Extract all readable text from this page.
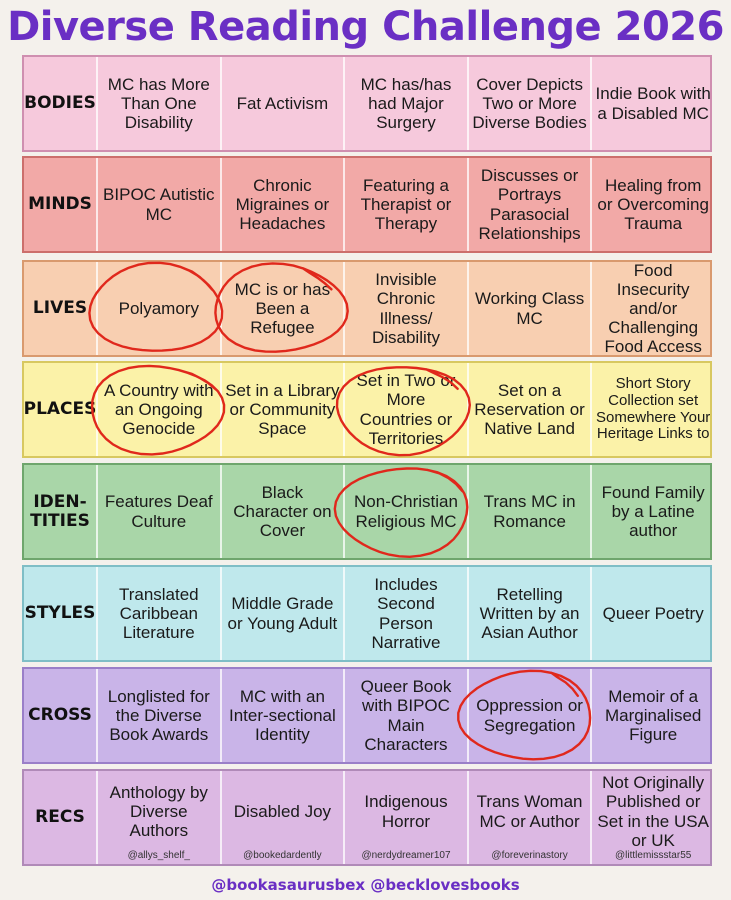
Diverse Reading Challenge 2026
BODIES
MC has More Than One Disability
Fat Activism
MC has/has had Major Surgery
Cover Depicts Two or More Diverse Bodies
Indie Book with a Disabled MC
MINDS BIPOC Autistic MC
Chronic Migraines or Headaches
Featuring a Therapist or Therapy
Discusses or Portrays Parasocial Relationships
Healing from or Overcoming Trauma
LIVES	Polyamory
MC is or has Been a Refugee
Invisible Chronic Illness/ Disability
Working Class MC
Food Insecurity and/or Challenging Food Access
PLACES
A Country with an Ongoing Genocide
Set in a Library or Community Space
Set in Two or More Countries or Territories
Set on a Reservation or Native Land
Short Story Collection set Somewhere Your Heritage Links to
IDEN-
TITIES
Features Deaf Culture
Black Character on Cover
Non-Christian Religious MC
Trans MC in Romance
Found Family by a Latine author
STYLES
Translated Caribbean Literature
Middle Grade or Young Adult
Includes Second Person Narrative
Retelling Written by an Asian Author
Queer Poetry
CROSS
Longlisted for the Diverse Book Awards
MC with an Inter-sectional Identity
Queer Book with BIPOC Main Characters
Oppression or Segregation
Memoir of a Marginalised Figure
RECS
Anthology by Diverse Authors
@allys_shelf_
Disabled Joy
@bookedardently
Indigenous Horror
@nerdydreamer107
Trans Woman MC or Author
@foreverinastory
Not Originally Published or Set in the USA or UK
@littlemissstar55
@bookasaurusbex @becklovesbooks
